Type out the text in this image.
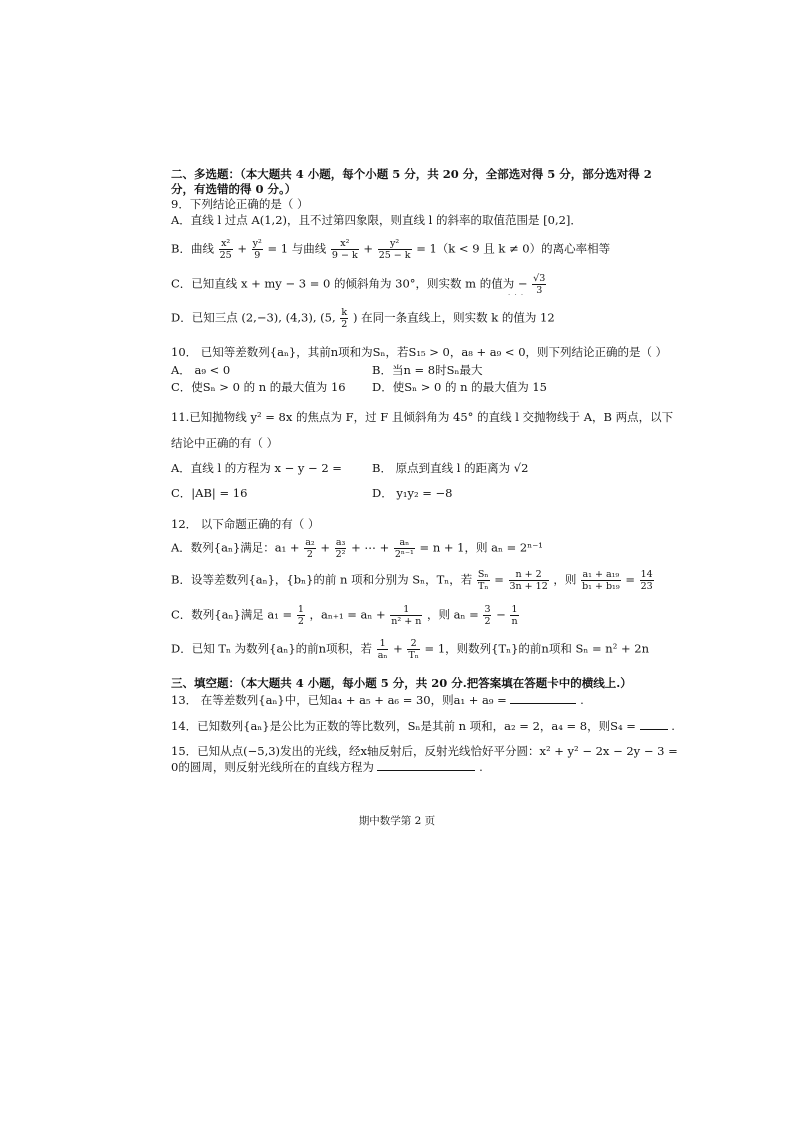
二、多选题：（本大题共 4 小题，每个小题 5 分，共 20 分，全部选对得 5 分，部分选对得 2
分，有选错的得 0 分。）
9．下列结论正确的是（ ）
A．直线 l 过点 A(1,2)，且不过第四象限，则直线 l 的斜率的取值范围是 [0,2]．
B．曲线 $\frac{\text{x²}}{25} + \frac{\text{y²}}{9} = 1$ 与曲线 $\frac{\text{x²}}{9 - k} + \frac{\text{y²}}{25 - k} = 1(k < 9$ 且 k ≠ 0）的离心率相等
C．已知直线 x + my − 3 = 0 的倾斜角为 30°，则实数 m 的值为 − $\frac{√3}{3}$
· · ·
D．已知三点 (2,−3), (4,3), (5, $\frac{k}{2}$ ) 在同一条直线上，则实数 k 的值为 12
10． 已知等差数列{aₙ}，其前n项和为Sₙ，若S₁₅ > 0，a₈ + a₉ < 0，则下列结论正确的是（ ）
A． a₉ < 0	B．当n = 8时Sₙ最大
C．使Sₙ > 0 的 n 的最大值为 16 D．使Sₙ > 0 的 n 的最大值为 15
11.已知抛物线 y² = 8x 的焦点为 F，过 F 且倾斜角为 45° 的直线 l 交抛物线于 A，B 两点，以下
结论中正确的有（ ）
A．直线 l 的方程为 x − y − 2 =	B． 原点到直线 l 的距离为 √2
C．|AB| = 16	D． y₁y₂ = −8
12． 以下命题正确的有（ ）
A．数列{aₙ}满足：$a_1 + \frac{\text{a₂}}{2} + \frac{\text{a₃}}{\text{2²}}$ + ⋯ + $\frac{\text{aₙ}}{\text{2ⁿ⁻¹}} = n + 1$，则 aₙ = 2ⁿ⁻¹
B．设等差数列{aₙ}，{bₙ}的前 n 项和分别为 Sₙ，Tₙ，若 $\frac{\text{Sₙ}}{\text{Tₙ}} = \frac{n + 2}{3n + 12}$ ，则 $\frac{\text{a₁ + a₁₉}}{\text{b₁ + b₁₉}} = \frac{14}{23}$
C．数列{aₙ}满足 $a_1 = \frac{1}{2}$ ，$a_{n+1} = a_n + \frac{1}{\text{n² + n}}$ ，则 $a_n = \frac{3}{2} - \frac{1}{n}$
D．已知 Tₙ 为数列{aₙ}的前n项积，若 $\frac{1}{\text{aₙ}} + \frac{2}{\text{Tₙ}} = 1$，则数列{Tₙ}的前n项和 Sₙ = n² + 2n
三、填空题：（本大题共 4 小题，每小题 5 分，共 20 分.把答案填在答题卡中的横线上.）
13． 在等差数列{aₙ}中，已知a₄ + a₅ + a₆ = 30，则a₁ + a₉ =	.
14．已知数列{aₙ}是公比为正数的等比数列，Sₙ是其前 n 项和，a₂ = 2，a₄ = 8，则S₄ =	.
15．已知从点(−5,3)发出的光线，经x轴反射后，反射光线恰好平分圆：x² + y² − 2x − 2y − 3 =
0的圆周，则反射光线所在的直线方程为	.
期中数学第 2 页
